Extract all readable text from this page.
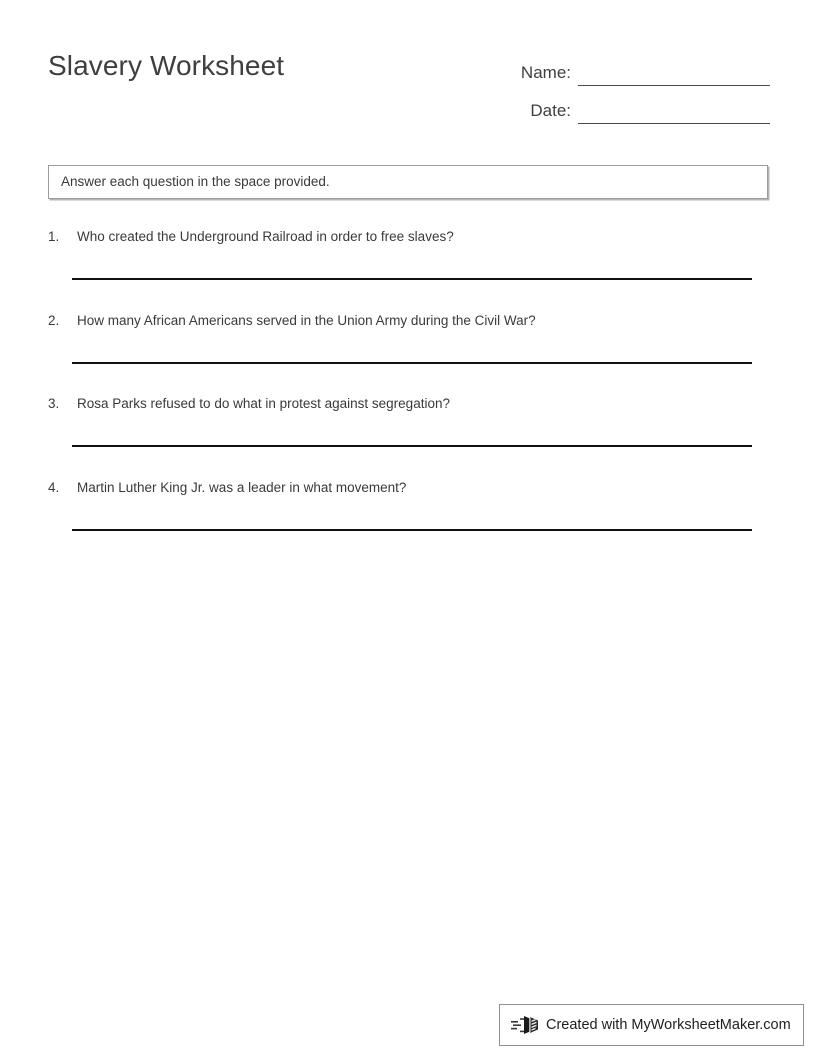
Slavery Worksheet	Name:
Date:
Answer each question in the space provided.
1.	Who created the Underground Railroad in order to free slaves?
2.	How many African Americans served in the Union Army during the Civil War?
3.	Rosa Parks refused to do what in protest against segregation?
4.	Martin Luther King Jr. was a leader in what movement?
Created with MyWorksheetMaker.com
